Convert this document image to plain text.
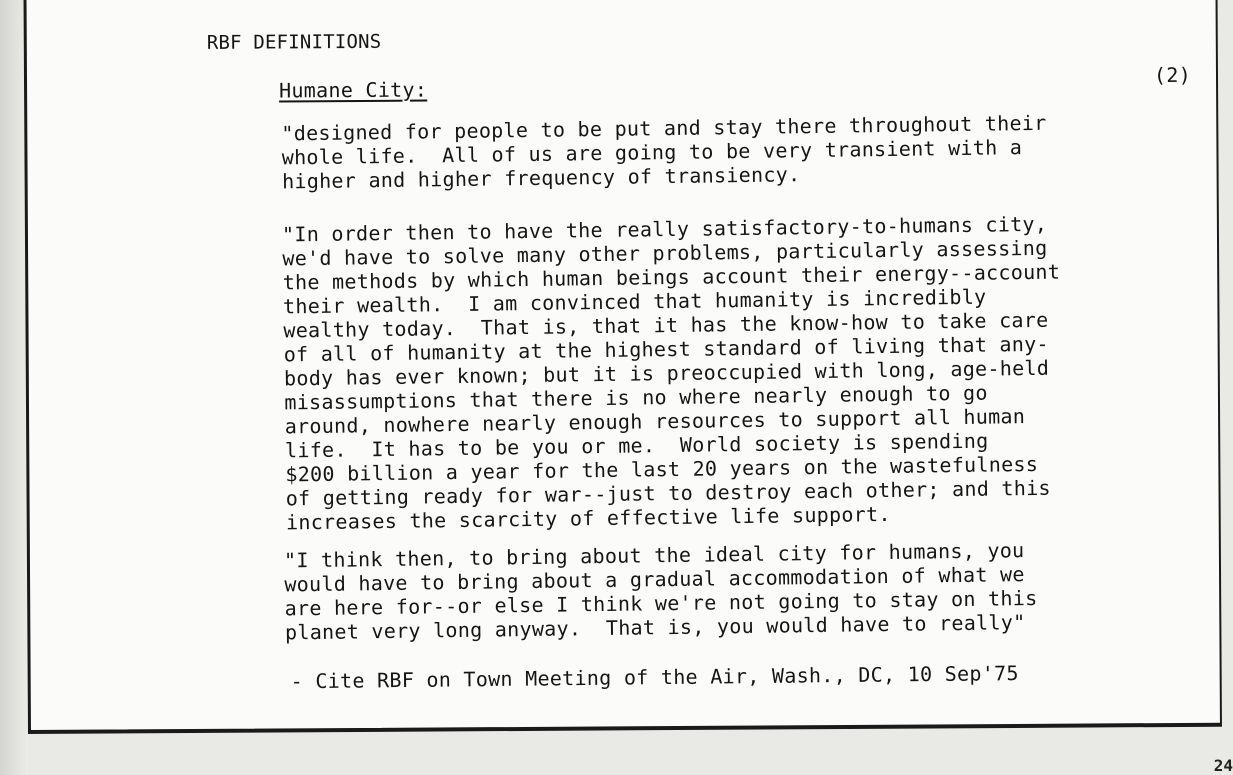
RBF DEFINITIONS
Humane City:
(2)
"designed for people to be put and stay there throughout their
whole life.  All of us are going to be very transient with a
higher and higher frequency of transiency.
"In order then to have the really satisfactory-to-humans city,
we'd have to solve many other problems, particularly assessing
the methods by which human beings account their energy--account
their wealth.  I am convinced that humanity is incredibly
wealthy today.  That is, that it has the know-how to take care
of all of humanity at the highest standard of living that any-
body has ever known; but it is preoccupied with long, age-held
misassumptions that there is no where nearly enough to go
around, nowhere nearly enough resources to support all human
life.  It has to be you or me.  World society is spending
$200 billion a year for the last 20 years on the wastefulness
of getting ready for war--just to destroy each other; and this
increases the scarcity of effective life support.
"I think then, to bring about the ideal city for humans, you
would have to bring about a gradual accommodation of what we
are here for--or else I think we're not going to stay on this
planet very long anyway.  That is, you would have to really"
- Cite RBF on Town Meeting of the Air, Wash., DC, 10 Sep'75
24
